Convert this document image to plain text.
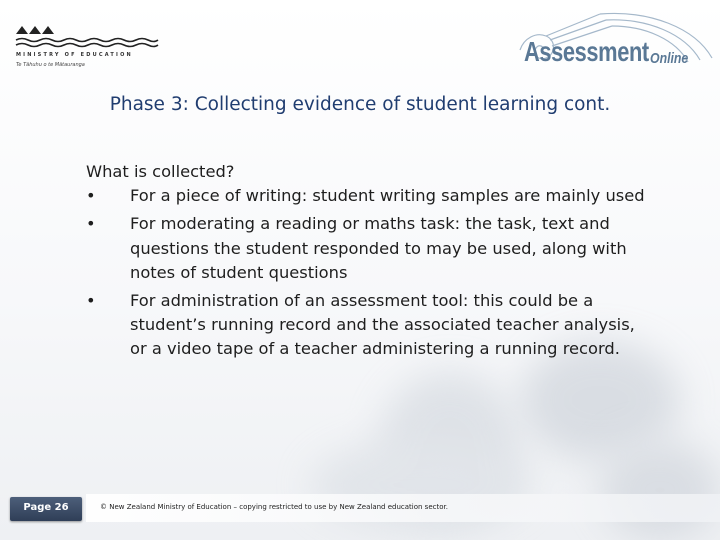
MINISTRY OF EDUCATION
Te Tāhuhu o te Mātauranga	Assessment Online
Phase 3: Collecting evidence of student learning cont.

What is collected?

• For a piece of writing: student writing samples are mainly used
• For moderating a reading or maths task: the task, text and questions the student responded to may be used, along with notes of student questions
• For administration of an assessment tool: this could be a student’s running record and the associated teacher analysis, or a video tape of a teacher administering a running record.
Page 26	© New Zealand Ministry of Education – copying restricted to use by New Zealand education sector.
